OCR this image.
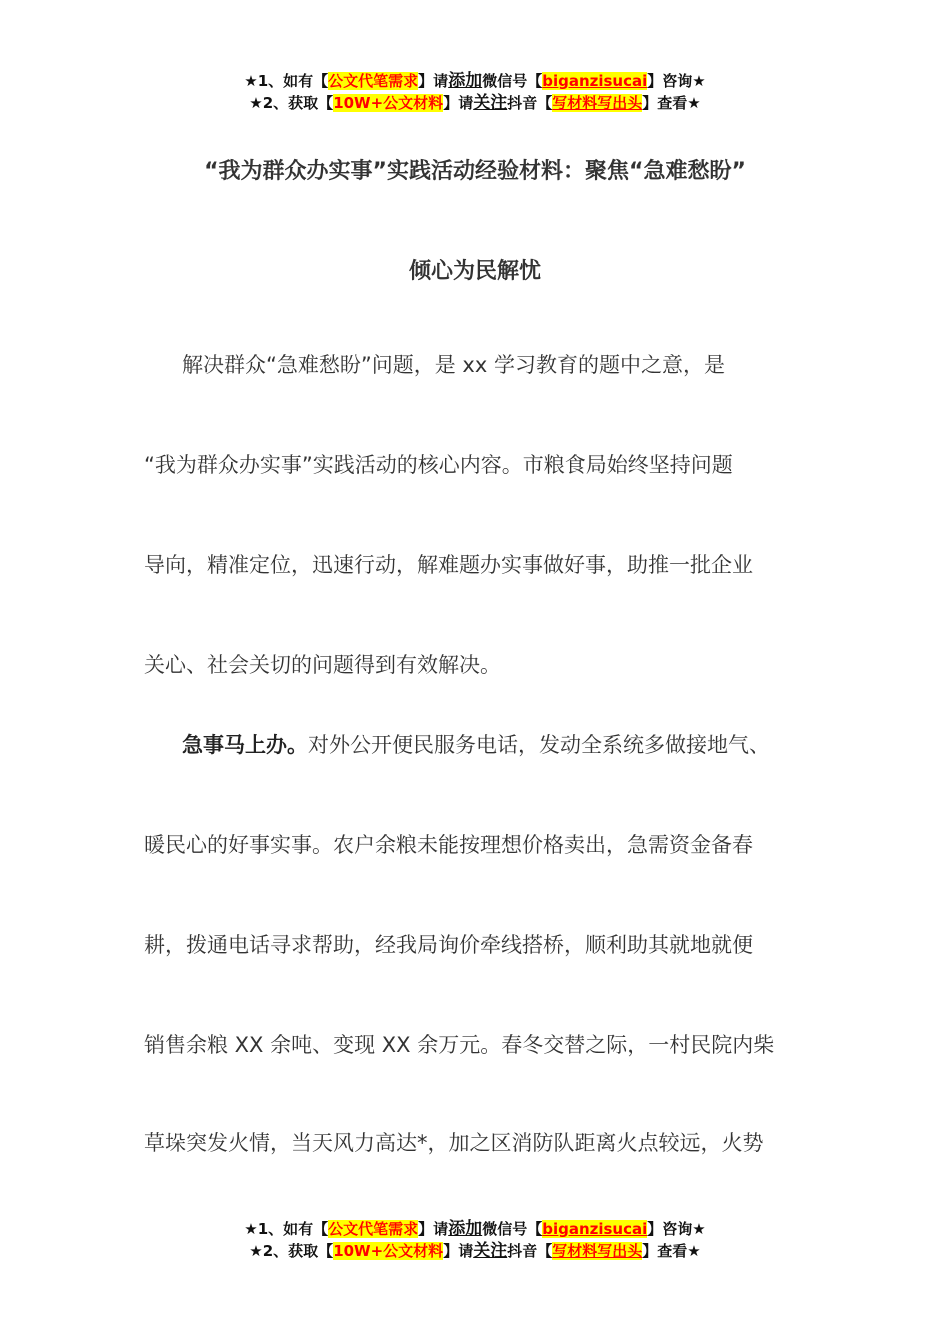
★1、如有【公文代笔需求】请添加微信号【biganzisucai】咨询★
★2、获取【10W+公文材料】请关注抖音【写材料写出头】查看★
“我为群众办实事”实践活动经验材料：聚焦“急难愁盼”
倾心为民解忧
解决群众“急难愁盼”问题，是 xx 学习教育的题中之意，是
“我为群众办实事”实践活动的核心内容。市粮食局始终坚持问题
导向，精准定位，迅速行动，解难题办实事做好事，助推一批企业
关心、社会关切的问题得到有效解决。
急事马上办。对外公开便民服务电话，发动全系统多做接地气、
暖民心的好事实事。农户余粮未能按理想价格卖出，急需资金备春
耕，拨通电话寻求帮助，经我局询价牵线搭桥，顺利助其就地就便
销售余粮 XX 余吨、变现 XX 余万元。春冬交替之际，一村民院内柴
草垛突发火情，当天风力高达*，加之区消防队距离火点较远，火势
★1、如有【公文代笔需求】请添加微信号【biganzisucai】咨询★
★2、获取【10W+公文材料】请关注抖音【写材料写出头】查看★
